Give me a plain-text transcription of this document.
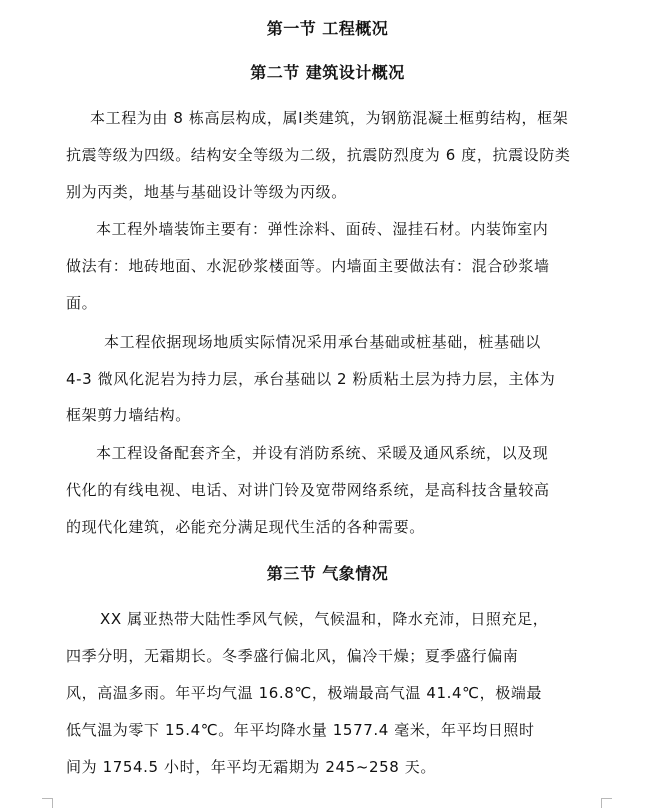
第一节 工程概况
第二节 建筑设计概况
本工程为由 8 栋高层构成，属Ⅰ类建筑，为钢筋混凝土框剪结构，框架
抗震等级为四级。结构安全等级为二级，抗震防烈度为 6 度，抗震设防类
别为丙类，地基与基础设计等级为丙级。
本工程外墙装饰主要有：弹性涂料、面砖、湿挂石材。内装饰室内
做法有：地砖地面、水泥砂浆楼面等。内墙面主要做法有：混合砂浆墙
面。
本工程依据现场地质实际情况采用承台基础或桩基础，桩基础以
4-3 微风化泥岩为持力层，承台基础以 2 粉质粘土层为持力层，主体为
框架剪力墙结构。
本工程设备配套齐全，并设有消防系统、采暖及通风系统，以及现
代化的有线电视、电话、对讲门铃及宽带网络系统，是高科技含量较高
的现代化建筑，必能充分满足现代生活的各种需要。
第三节 气象情况
XX 属亚热带大陆性季风气候，气候温和，降水充沛，日照充足，
四季分明，无霜期长。冬季盛行偏北风，偏冷干燥；夏季盛行偏南
风，高温多雨。年平均气温 16.8℃，极端最高气温 41.4℃，极端最
低气温为零下 15.4℃。年平均降水量 1577.4 毫米，年平均日照时
间为 1754.5 小时，年平均无霜期为 245~258 天。
